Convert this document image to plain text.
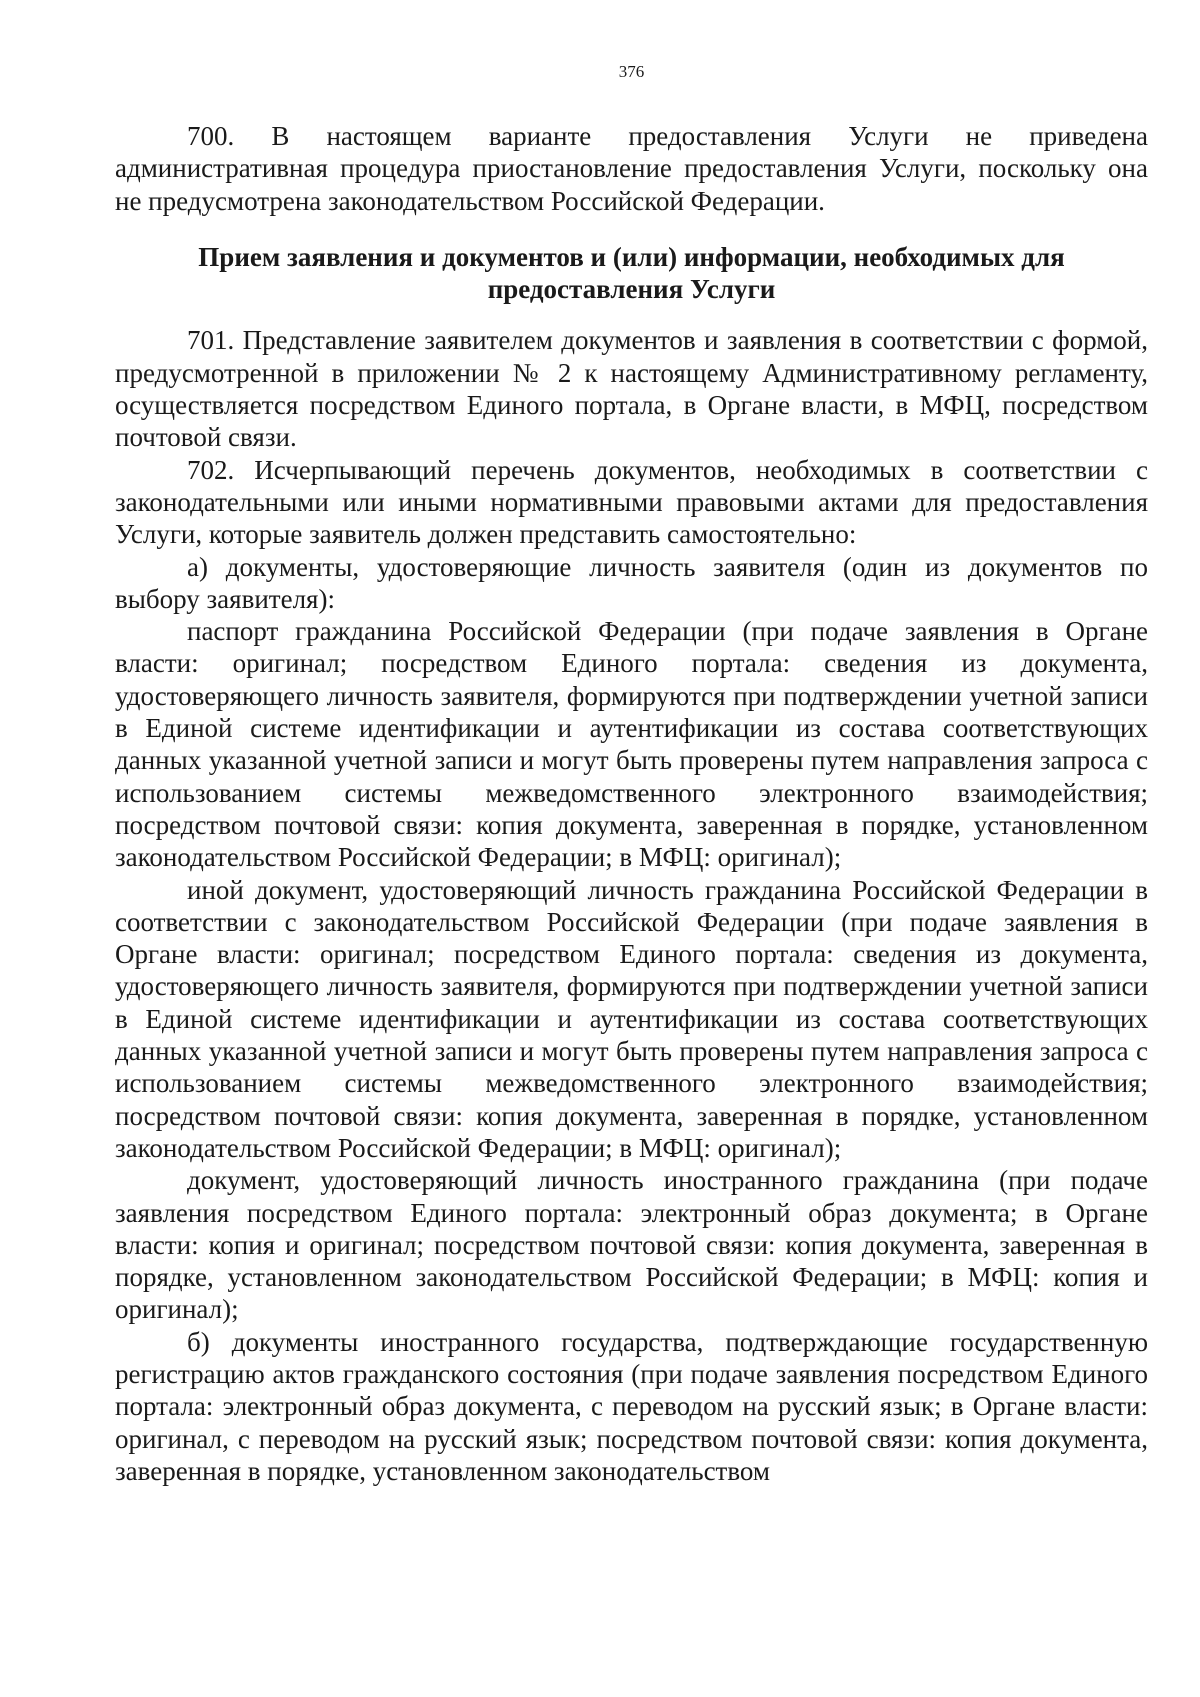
376

700. В настоящем варианте предоставления Услуги не приведена административная процедура приостановление предоставления Услуги, поскольку она не предусмотрена законодательством Российской Федерации.

Прием заявления и документов и (или) информации, необходимых для предоставления Услуги

701. Представление заявителем документов и заявления в соответствии с формой, предусмотренной в приложении № 2 к настоящему Административному регламенту, осуществляется посредством Единого портала, в Органе власти, в МФЦ, посредством почтовой связи.

702. Исчерпывающий перечень документов, необходимых в соответствии с законодательными или иными нормативными правовыми актами для предоставления Услуги, которые заявитель должен представить самостоятельно:

а) документы, удостоверяющие личность заявителя (один из документов по выбору заявителя):

паспорт гражданина Российской Федерации (при подаче заявления в Органе власти: оригинал; посредством Единого портала: сведения из документа, удостоверяющего личность заявителя, формируются при подтверждении учетной записи в Единой системе идентификации и аутентификации из состава соответствующих данных указанной учетной записи и могут быть проверены путем направления запроса с использованием системы межведомственного электронного взаимодействия; посредством почтовой связи: копия документа, заверенная в порядке, установленном законодательством Российской Федерации; в МФЦ: оригинал);

иной документ, удостоверяющий личность гражданина Российской Федерации в соответствии с законодательством Российской Федерации (при подаче заявления в Органе власти: оригинал; посредством Единого портала: сведения из документа, удостоверяющего личность заявителя, формируются при подтверждении учетной записи в Единой системе идентификации и аутентификации из состава соответствующих данных указанной учетной записи и могут быть проверены путем направления запроса с использованием системы межведомственного электронного взаимодействия; посредством почтовой связи: копия документа, заверенная в порядке, установленном законодательством Российской Федерации; в МФЦ: оригинал);

документ, удостоверяющий личность иностранного гражданина (при подаче заявления посредством Единого портала: электронный образ документа; в Органе власти: копия и оригинал; посредством почтовой связи: копия документа, заверенная в порядке, установленном законодательством Российской Федерации; в МФЦ: копия и оригинал);

б) документы иностранного государства, подтверждающие государственную регистрацию актов гражданского состояния (при подаче заявления посредством Единого портала: электронный образ документа, с переводом на русский язык; в Органе власти: оригинал, с переводом на русский язык; посредством почтовой связи: копия документа, заверенная в порядке, установленном законодательством
